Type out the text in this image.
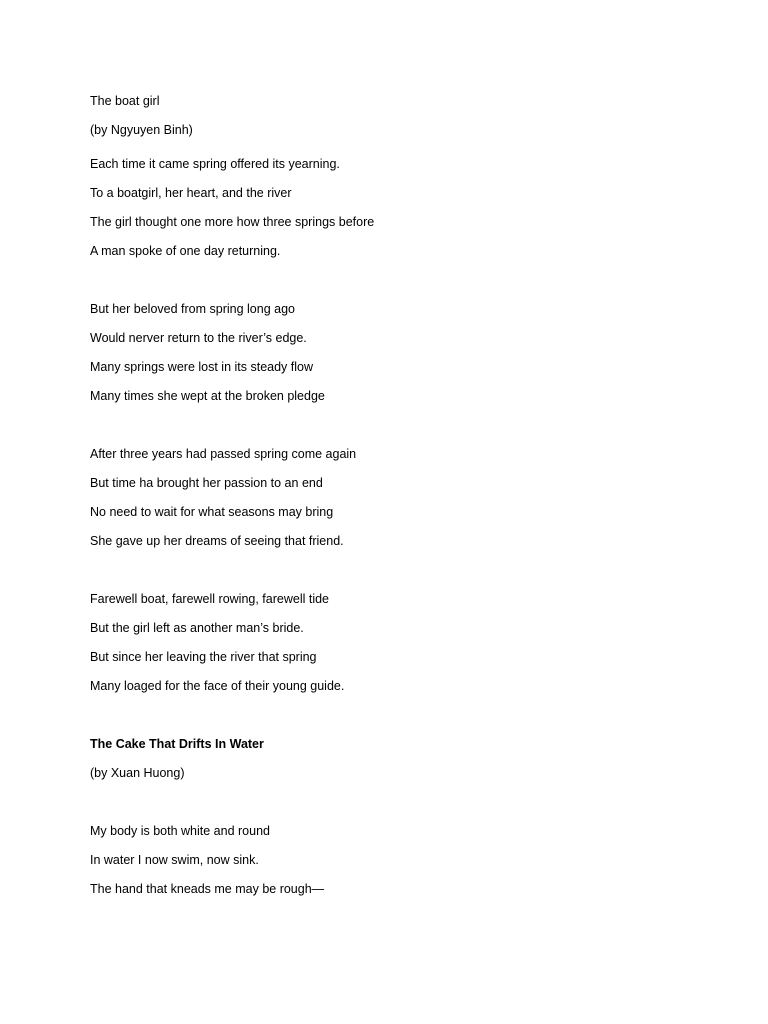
The boat girl

(by Ngyuyen Binh)

Each time it came spring offered its yearning.

To a boatgirl, her heart, and the river

The girl thought one more how three springs before

A man spoke of one day returning.

But her beloved from spring long ago

Would nerver return to the river’s edge.

Many springs were lost in its steady flow

Many times she wept at the broken pledge

After three years had passed spring come again

But time ha brought her passion to an end

No need to wait for what seasons may bring

She gave up her dreams of seeing that friend.

Farewell boat, farewell rowing, farewell tide

But the girl left as another man’s bride.

But since her leaving the river that spring

Many loaged for the face of their young guide.

The Cake That Drifts In Water

(by Xuan Huong)

My body is both white and round

In water I now swim, now sink.

The hand that kneads me may be rough—
